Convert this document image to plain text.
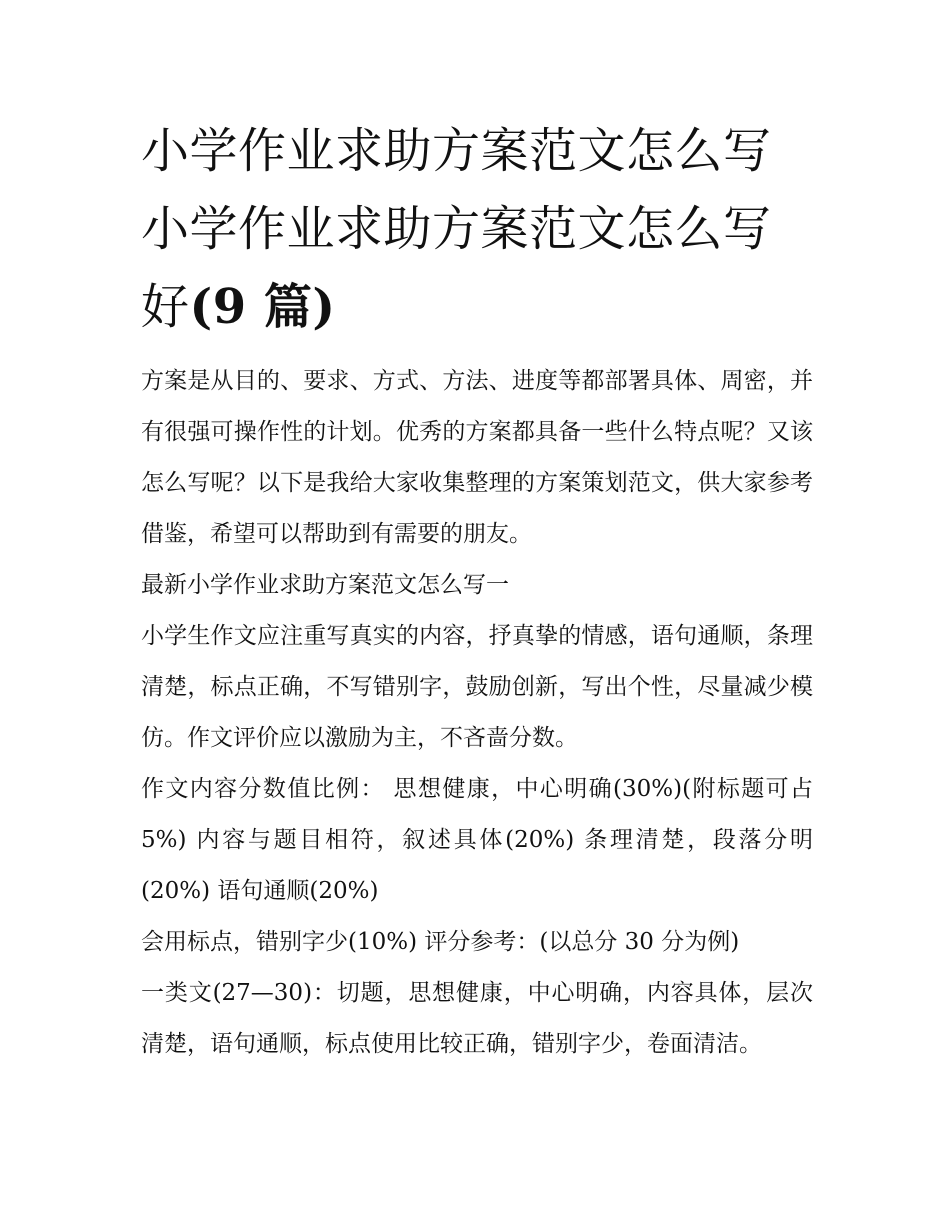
小学作业求助方案范文怎么写
小学作业求助方案范文怎么写
好(9 篇)

方案是从目的、要求、方式、方法、进度等都部署具体、周密，并有很强可操作性的计划。优秀的方案都具备一些什么特点呢？又该怎么写呢？以下是我给大家收集整理的方案策划范文，供大家参考借鉴，希望可以帮助到有需要的朋友。

最新小学作业求助方案范文怎么写一

小学生作文应注重写真实的内容，抒真挚的情感，语句通顺，条理清楚，标点正确，不写错别字，鼓励创新，写出个性，尽量减少模仿。作文评价应以激励为主，不吝啬分数。

作文内容分数值比例： 思想健康，中心明确(30%)(附标题可占 5%) 内容与题目相符，叙述具体(20%) 条理清楚，段落分明(20%) 语句通顺(20%)

会用标点，错别字少(10%) 评分参考：(以总分 30 分为例)

一类文(27—30)：切题，思想健康，中心明确，内容具体，层次清楚，语句通顺，标点使用比较正确，错别字少，卷面清洁。
